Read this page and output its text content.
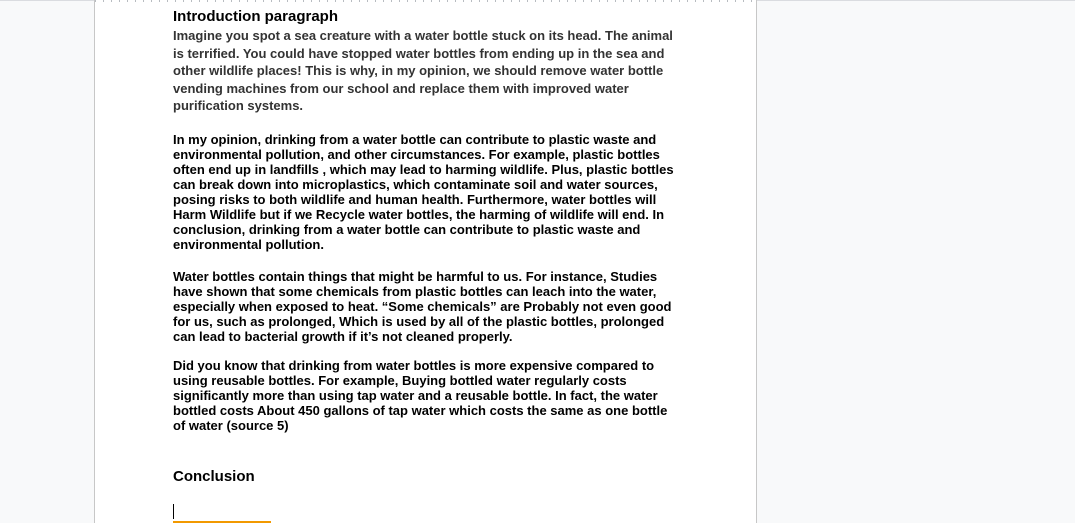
Introduction paragraph
Imagine you spot a sea creature with a water bottle stuck on its head. The animal is terrified. You could have stopped water bottles from ending up in the sea and other wildlife places! This is why, in my opinion, we should remove water bottle vending machines from our school and replace them with improved water purification systems.
In my opinion, drinking from a water bottle can contribute to plastic waste and environmental pollution, and other circumstances. For example, plastic bottles often end up in landfills , which may lead to harming wildlife. Plus, plastic bottles can break down into microplastics, which contaminate soil and water sources, posing risks to both wildlife and human health. Furthermore, water bottles will Harm Wildlife but if we Recycle water bottles, the harming of wildlife will end. In conclusion, drinking from a water bottle can contribute to plastic waste and environmental pollution.
Water bottles contain things that might be harmful to us. For instance, Studies have shown that some chemicals from plastic bottles can leach into the water, especially when exposed to heat. “Some chemicals” are Probably not even good for us, such as prolonged, Which is used by all of the plastic bottles, prolonged can lead to bacterial growth if it’s not cleaned properly.
Did you know that drinking from water bottles is more expensive compared to using reusable bottles. For example, Buying bottled water regularly costs significantly more than using tap water and a reusable bottle. In fact, the water bottled costs About 450 gallons of tap water which costs the same as one bottle of water (source 5)
Conclusion
